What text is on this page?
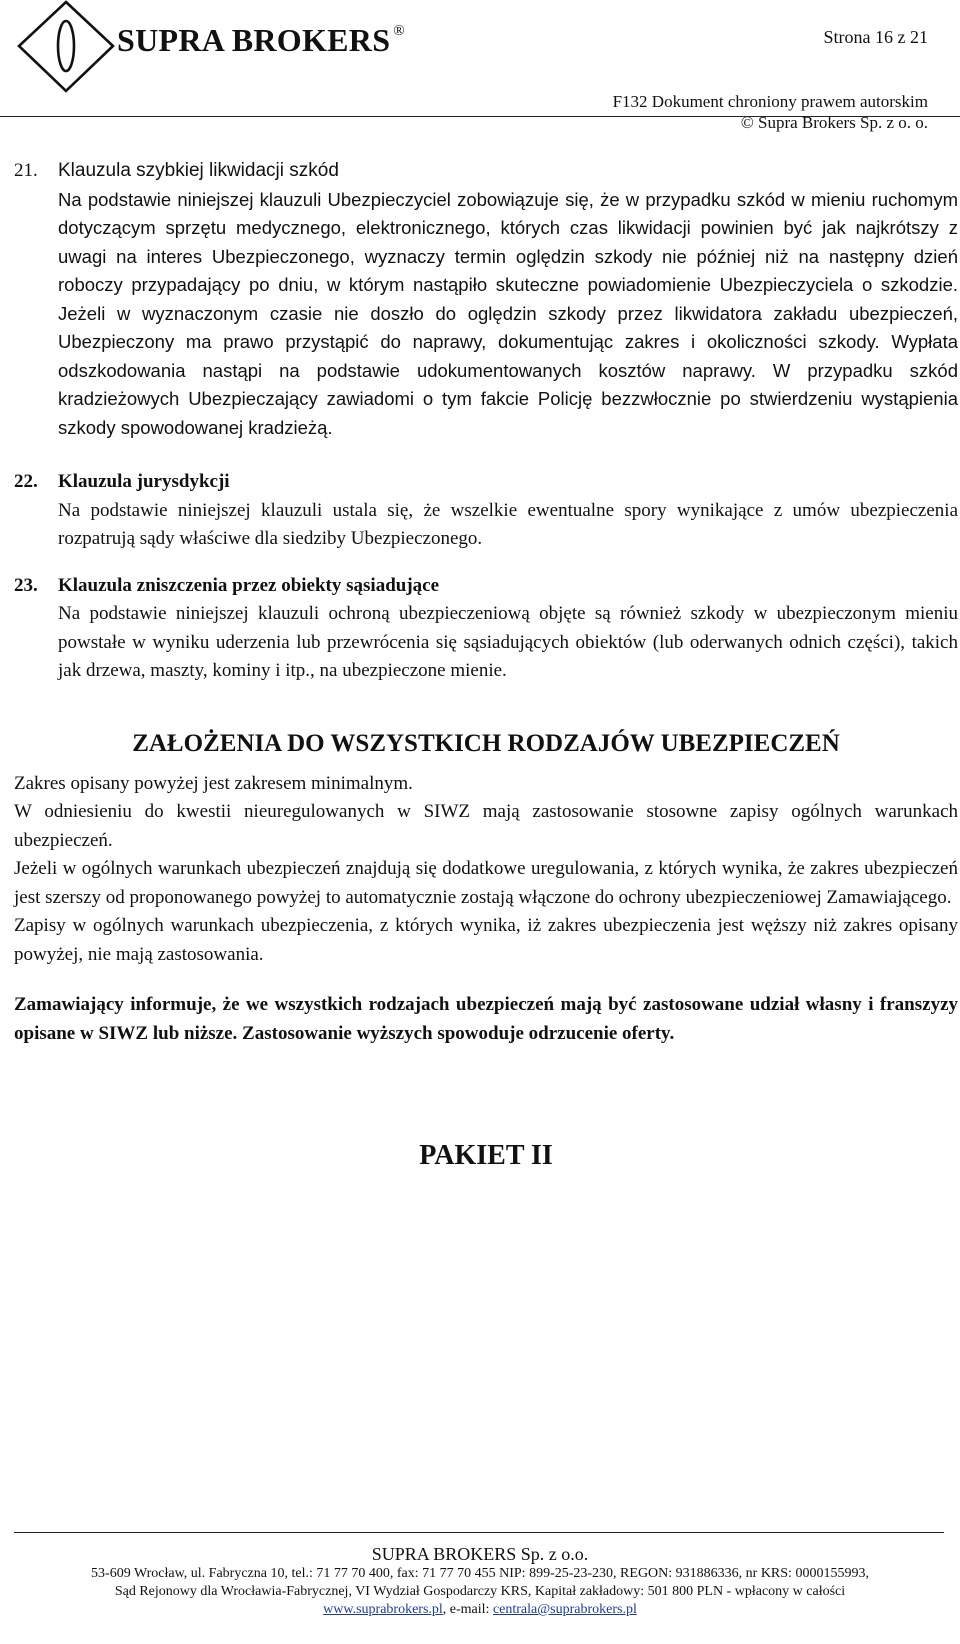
SUPRA BROKERS ®	Strona 16 z 21
F132 Dokument chroniony prawem autorskim
© Supra Brokers Sp. z o. o.
21.	Klauzula szybkiej likwidacji szkód
Na podstawie niniejszej klauzuli Ubezpieczyciel zobowiązuje się, że w przypadku szkód w mieniu ruchomym dotyczącym sprzętu medycznego, elektronicznego, których czas likwidacji powinien być jak najkrótszy z uwagi na interes Ubezpieczonego, wyznaczy termin oględzin szkody nie później niż na następny dzień roboczy przypadający po dniu, w którym nastąpiło skuteczne powiadomienie Ubezpieczyciela o szkodzie. Jeżeli w wyznaczonym czasie nie doszło do oględzin szkody przez likwidatora zakładu ubezpieczeń, Ubezpieczony ma prawo przystąpić do naprawy, dokumentując zakres i okoliczności szkody. Wypłata odszkodowania nastąpi na podstawie udokumentowanych kosztów naprawy. W przypadku szkód kradzieżowych Ubezpieczający zawiadomi o tym fakcie Policję bezzwłocznie po stwierdzeniu wystąpienia szkody spowodowanej kradzieżą.
22.	Klauzula jurysdykcji
Na podstawie niniejszej klauzuli ustala się, że wszelkie ewentualne spory wynikające z umów ubezpieczenia rozpatrują sądy właściwe dla siedziby Ubezpieczonego.
23.	Klauzula zniszczenia przez obiekty sąsiadujące
Na podstawie niniejszej klauzuli ochroną ubezpieczeniową objęte są również szkody w ubezpieczonym mieniu powstałe w wyniku uderzenia lub przewrócenia się sąsiadujących obiektów (lub oderwanych odnich części), takich jak drzewa, maszty, kominy i itp., na ubezpieczone mienie.
ZAŁOŻENIA DO WSZYSTKICH RODZAJÓW UBEZPIECZEŃ

Zakres opisany powyżej jest zakresem minimalnym.

W odniesieniu do kwestii nieuregulowanych w SIWZ mają zastosowanie stosowne zapisy ogólnych warunkach ubezpieczeń.

Jeżeli w ogólnych warunkach ubezpieczeń znajdują się dodatkowe uregulowania, z których wynika, że zakres ubezpieczeń jest szerszy od proponowanego powyżej to automatycznie zostają włączone do ochrony ubezpieczeniowej Zamawiającego.

Zapisy w ogólnych warunkach ubezpieczenia, z których wynika, iż zakres ubezpieczenia jest węższy niż zakres opisany powyżej, nie mają zastosowania.

Zamawiający informuje, że we wszystkich rodzajach ubezpieczeń mają być zastosowane udział własny i franszyzy opisane w SIWZ lub niższe. Zastosowanie wyższych spowoduje odrzucenie oferty.
PAKIET II
SUPRA BROKERS Sp. z o.o.
53-609 Wrocław, ul. Fabryczna 10, tel.: 71 77 70 400, fax: 71 77 70 455 NIP: 899-25-23-230, REGON: 931886336, nr KRS: 0000155993,
Sąd Rejonowy dla Wrocławia-Fabrycznej, VI Wydział Gospodarczy KRS, Kapitał zakładowy: 501 800 PLN - wpłacony w całości
www.suprabrokers.pl, e-mail: centrala@suprabrokers.pl
